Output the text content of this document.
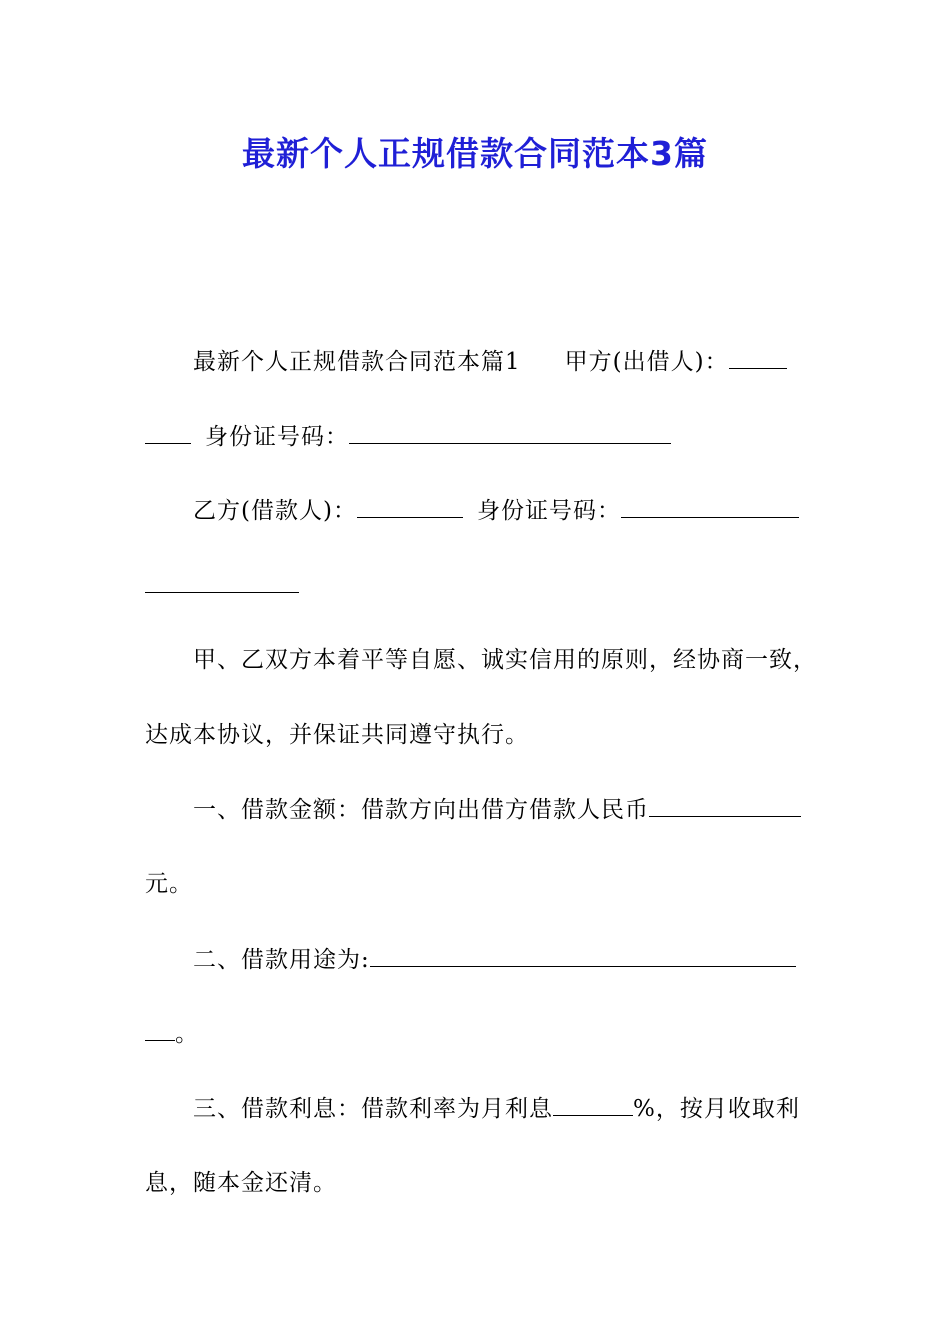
最新个人正规借款合同范本3篇
最新个人正规借款合同范本篇1 甲方(出借人)：
身份证号码：
乙方(借款人)：	身份证号码：
甲、乙双方本着平等自愿、诚实信用的原则，经协商一致，
达成本协议，并保证共同遵守执行。
一、借款金额：借款方向出借方借款人民币
元。
二、借款用途为:
。
三、借款利息：借款利率为月利息	%，按月收取利
息，随本金还清。
